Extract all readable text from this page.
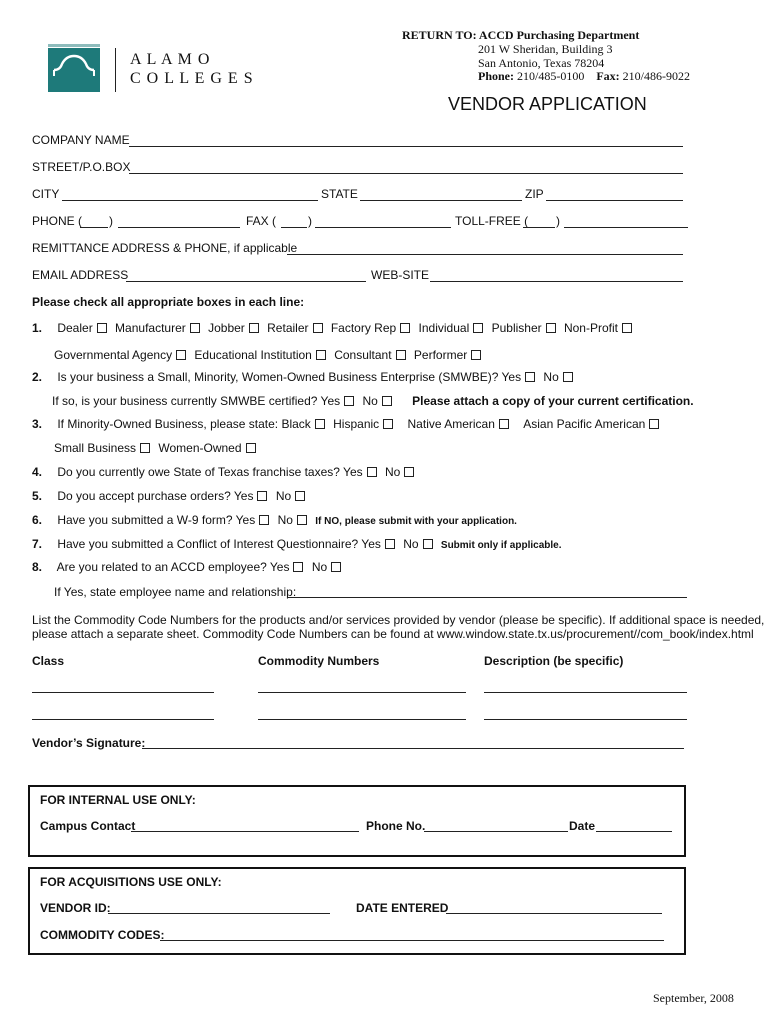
A L A M O
C O L L E G E S
RETURN TO: ACCD Purchasing Department
201 W Sheridan, Building 3
San Antonio, Texas 78204
Phone: 210/485-0100 Fax: 210/486-9022
VENDOR APPLICATION
COMPANY NAME
STREET/P.O.BOX
CITY	STATE	ZIP
PHONE ( )	FAX (	)	TOLL-FREE ( )
REMITTANCE ADDRESS & PHONE, if applicable
EMAIL ADDRESS	WEB-SITE
Please check all appropriate boxes in each line:
1. Dealer Manufacturer Jobber Retailer Factory Rep Individual Publisher Non-Profit
Governmental Agency Educational Institution Consultant Performer
2. Is your business a Small, Minority, Women-Owned Business Enterprise (SMWBE)? Yes No
If so, is your business currently SMWBE certified? Yes No	Please attach a copy of your current certification.
3. If Minority-Owned Business, please state: Black Hispanic Native American Asian Pacific American
Small Business Women-Owned
4. Do you currently owe State of Texas franchise taxes? Yes No
5. Do you accept purchase orders? Yes No
6. Have you submitted a W-9 form? Yes No If NO, please submit with your application.
7. Have you submitted a Conflict of Interest Questionnaire? Yes No Submit only if applicable.
8. Are you related to an ACCD employee? Yes No
If Yes, state employee name and relationship:
List the Commodity Code Numbers for the products and/or services provided by vendor (please be specific). If additional space is needed,
please attach a separate sheet. Commodity Code Numbers can be found at www.window.state.tx.us/procurement//com_book/index.html
Class	Commodity Numbers	Description (be specific)
Vendor’s Signature:
FOR INTERNAL USE ONLY:
Campus Contact	Phone No.	Date
FOR ACQUISITIONS USE ONLY:
VENDOR ID:	DATE ENTERED
COMMODITY CODES:
September, 2008
